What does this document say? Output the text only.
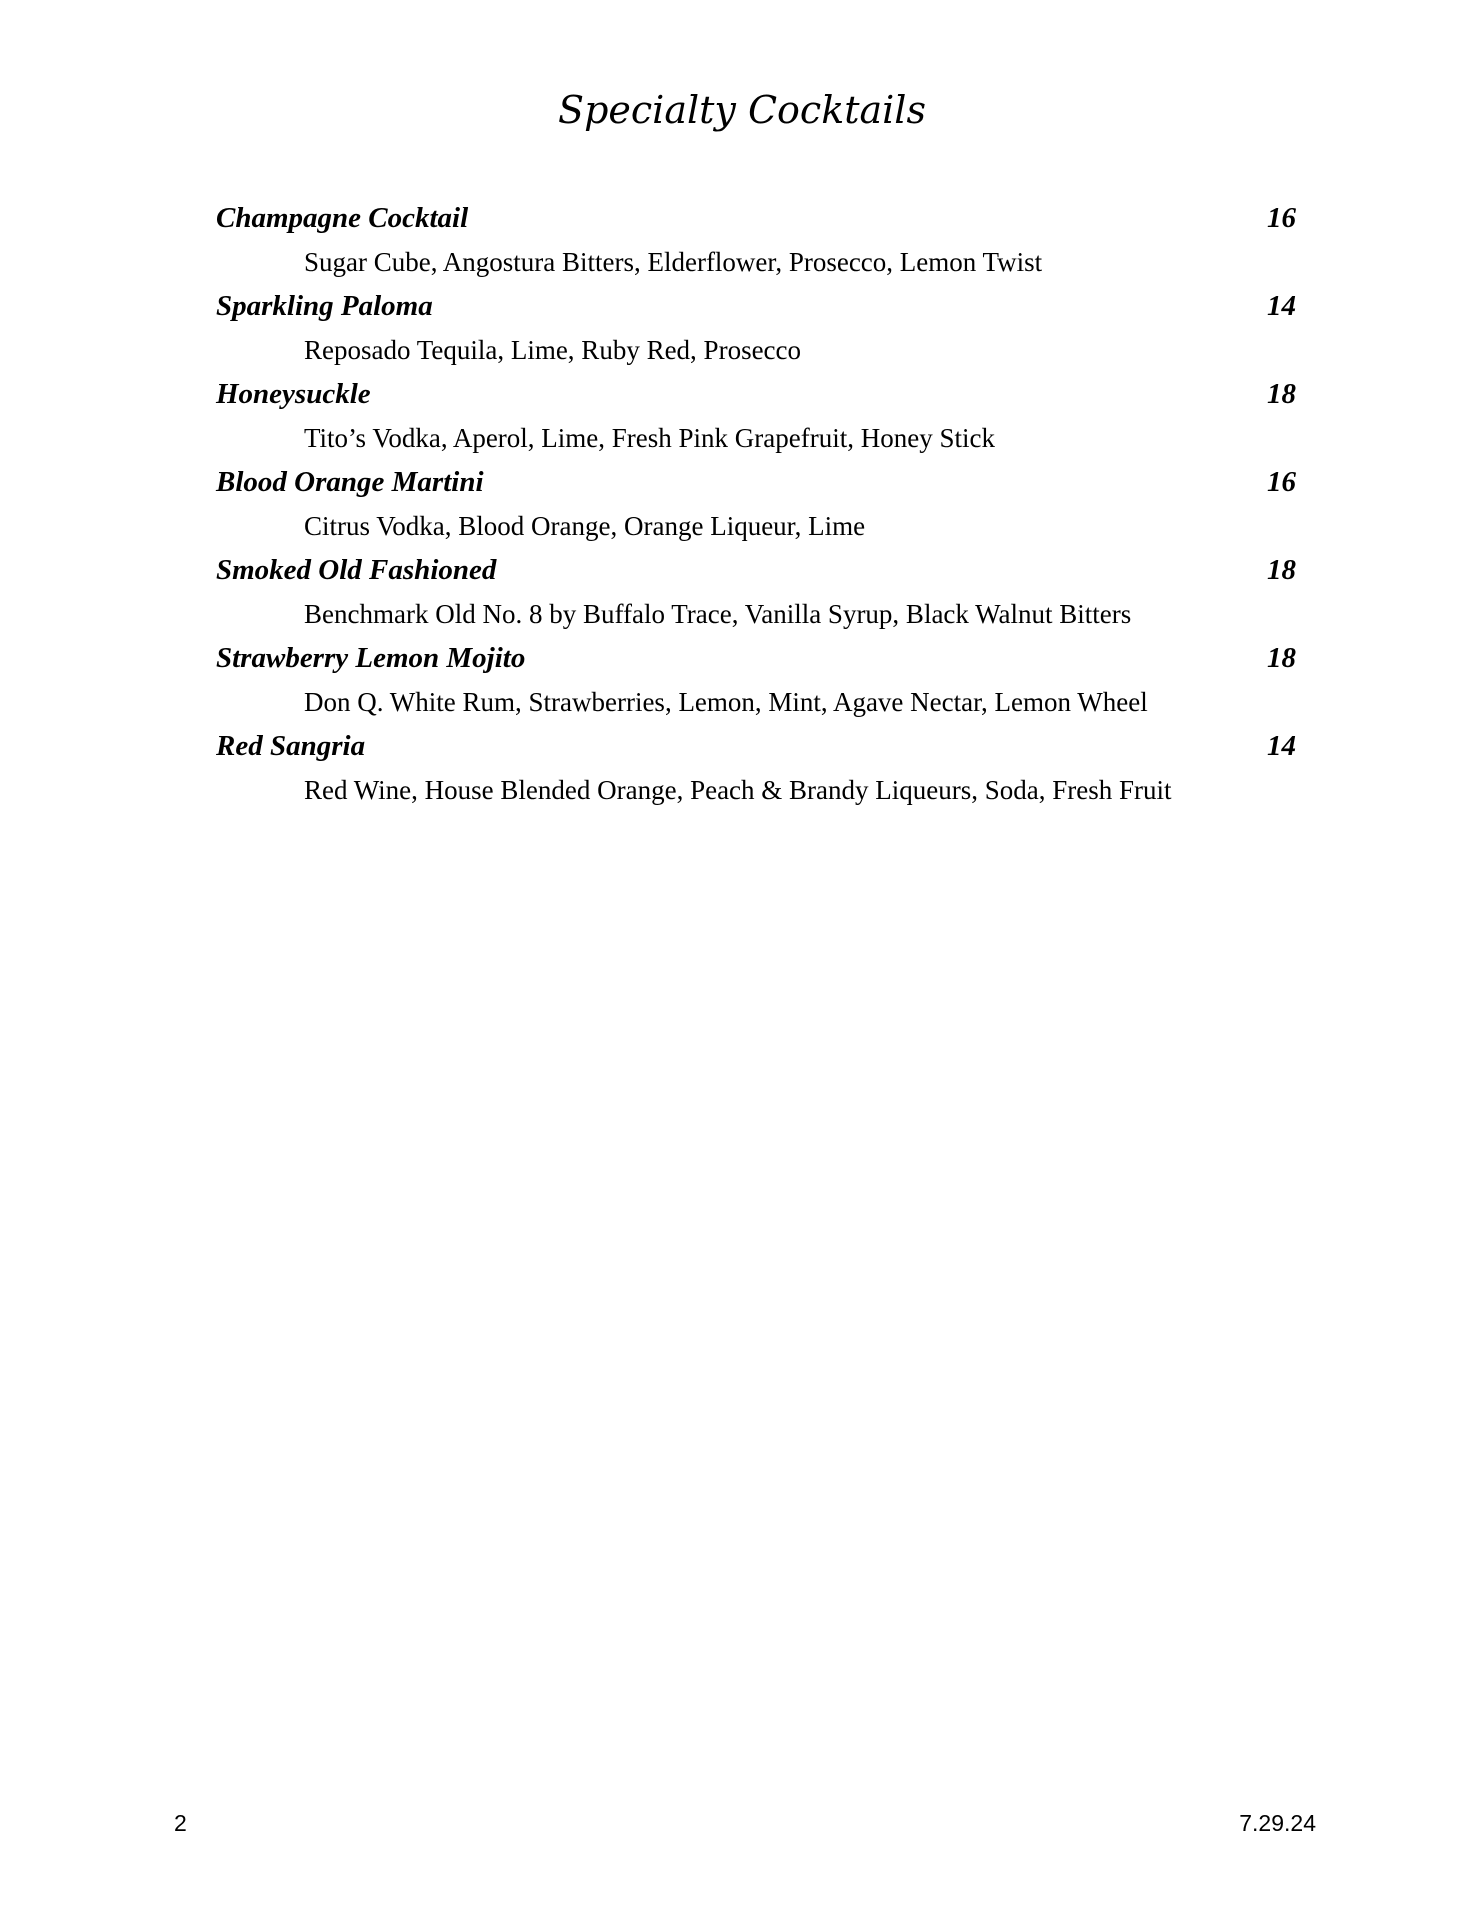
Specialty Cocktails
Champagne Cocktail	16
Sugar Cube, Angostura Bitters, Elderflower, Prosecco, Lemon Twist
Sparkling Paloma	14
Reposado Tequila, Lime, Ruby Red, Prosecco
Honeysuckle	18
Tito’s Vodka, Aperol, Lime, Fresh Pink Grapefruit, Honey Stick
Blood Orange Martini	16
Citrus Vodka, Blood Orange, Orange Liqueur, Lime
Smoked Old Fashioned	18
Benchmark Old No. 8 by Buffalo Trace, Vanilla Syrup, Black Walnut Bitters
Strawberry Lemon Mojito	18
Don Q. White Rum, Strawberries, Lemon, Mint, Agave Nectar, Lemon Wheel
Red Sangria	14
Red Wine, House Blended Orange, Peach & Brandy Liqueurs, Soda, Fresh Fruit
2	7.29.24
